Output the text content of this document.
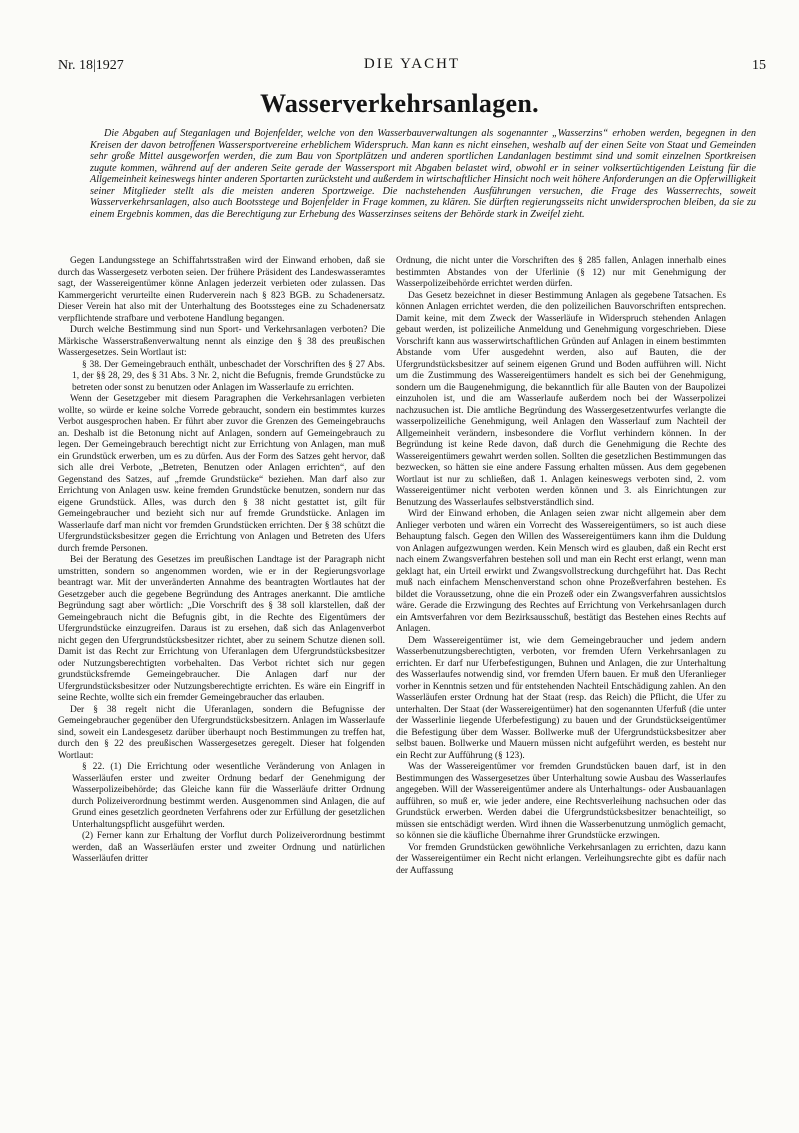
Nr. 18|1927	DIE YACHT	15
Wasserverkehrsanlagen.
Die Abgaben auf Steganlagen und Bojenfelder, welche von den Wasserbauverwaltungen als sogenannter „Wasserzins“ erhoben werden, begegnen in den Kreisen der davon betroffenen Wassersportvereine erheblichem Widerspruch. Man kann es nicht einsehen, weshalb auf der einen Seite von Staat und Gemeinden sehr große Mittel ausgeworfen werden, die zum Bau von Sportplätzen und anderen sportlichen Landanlagen bestimmt sind und somit einzelnen Sportkreisen zugute kommen, während auf der anderen Seite gerade der Wassersport mit Abgaben belastet wird, obwohl er in seiner volksertüchtigenden Leistung für die Allgemeinheit keineswegs hinter anderen Sportarten zurücksteht und außerdem in wirtschaftlicher Hinsicht noch weit höhere Anforderungen an die Opferwilligkeit seiner Mitglieder stellt als die meisten anderen Sportzweige. Die nachstehenden Ausführungen versuchen, die Frage des Wasserrechts, soweit Wasserverkehrsanlagen, also auch Bootsstege und Bojenfelder in Frage kommen, zu klären. Sie dürften regierungsseits nicht unwidersprochen bleiben, da sie zu einem Ergebnis kommen, das die Berechtigung zur Erhebung des Wasserzinses seitens der Behörde stark in Zweifel zieht.

Gegen Landungsstege an Schiffahrtsstraßen wird der Einwand erhoben, daß sie durch das Wassergesetz verboten seien. Der frühere Präsident des Landeswasseramtes sagt, der Wassereigentümer könne Anlagen jederzeit verbieten oder zulassen. Das Kammergericht verurteilte einen Ruderverein nach § 823 BGB. zu Schadenersatz. Dieser Verein hat also mit der Unterhaltung des Bootssteges eine zu Schadenersatz verpflichtende strafbare und verbotene Handlung begangen.

Durch welche Bestimmung sind nun Sport- und Verkehrsanlagen verboten? Die Märkische Wasserstraßenverwaltung nennt als einzige den § 38 des preußischen Wassergesetzes. Sein Wortlaut ist:

§ 38. Der Gemeingebrauch enthält, unbeschadet der Vorschriften des § 27 Abs. 1, der §§ 28, 29, des § 31 Abs. 3 Nr. 2, nicht die Befugnis, fremde Grundstücke zu betreten oder sonst zu benutzen oder Anlagen im Wasserlaufe zu errichten.

Wenn der Gesetzgeber mit diesem Paragraphen die Verkehrsanlagen verbieten wollte, so würde er keine solche Vorrede gebraucht, sondern ein bestimmtes kurzes Verbot ausgesprochen haben. Er führt aber zuvor die Grenzen des Gemeingebrauchs an. Deshalb ist die Betonung nicht auf Anlagen, sondern auf Gemeingebrauch zu legen. Der Gemeingebrauch berechtigt nicht zur Errichtung von Anlagen, man muß ein Grundstück erwerben, um es zu dürfen. Aus der Form des Satzes geht hervor, daß sich alle drei Verbote, „Betreten, Benutzen oder Anlagen errichten“, auf den Gegenstand des Satzes, auf „fremde Grundstücke“ beziehen. Man darf also zur Errichtung von Anlagen usw. keine fremden Grundstücke benutzen, sondern nur das eigene Grundstück. Alles, was durch den § 38 nicht gestattet ist, gilt für Gemeingebraucher und bezieht sich nur auf fremde Grundstücke. Anlagen im Wasserlaufe darf man nicht vor fremden Grundstücken errichten. Der § 38 schützt die Ufergrundstücksbesitzer gegen die Errichtung von Anlagen und Betreten des Ufers durch fremde Personen.

Bei der Beratung des Gesetzes im preußischen Landtage ist der Paragraph nicht umstritten, sondern so angenommen worden, wie er in der Regierungsvorlage beantragt war. Mit der unveränderten Annahme des beantragten Wortlautes hat der Gesetzgeber auch die gegebene Begründung des Antrages anerkannt. Die amtliche Begründung sagt aber wörtlich: „Die Vorschrift des § 38 soll klarstellen, daß der Gemeingebrauch nicht die Befugnis gibt, in die Rechte des Eigentümers der Ufergrundstücke einzugreifen. Daraus ist zu ersehen, daß sich das Anlagenverbot nicht gegen den Ufergrundstücksbesitzer richtet, aber zu seinem Schutze dienen soll. Damit ist das Recht zur Errichtung von Uferanlagen dem Ufergrundstücksbesitzer oder Nutzungsberechtigten vorbehalten. Das Verbot richtet sich nur gegen grundstücksfremde Gemeingebraucher. Die Anlagen darf nur der Ufergrundstücksbesitzer oder Nutzungsberechtigte errichten. Es wäre ein Eingriff in seine Rechte, wollte sich ein fremder Gemeingebraucher das erlauben.

Der § 38 regelt nicht die Uferanlagen, sondern die Befugnisse der Gemeingebraucher gegenüber den Ufergrundstücksbesitzern. Anlagen im Wasserlaufe sind, soweit ein Landesgesetz darüber überhaupt noch Bestimmungen zu treffen hat, durch den § 22 des preußischen Wassergesetzes geregelt. Dieser hat folgenden Wortlaut:

§ 22. (1) Die Errichtung oder wesentliche Veränderung von Anlagen in Wasserläufen erster und zweiter Ordnung bedarf der Genehmigung der Wasserpolizeibehörde; das Gleiche kann für die Wasserläufe dritter Ordnung durch Polizeiverordnung bestimmt werden. Ausgenommen sind Anlagen, die auf Grund eines gesetzlich geordneten Verfahrens oder zur Erfüllung der gesetzlichen Unterhaltungspflicht ausgeführt werden.

(2) Ferner kann zur Erhaltung der Vorflut durch Polizeiverordnung bestimmt werden, daß an Wasserläufen erster und zweiter Ordnung und natürlichen Wasserläufen dritter

Ordnung, die nicht unter die Vorschriften des § 285 fallen, Anlagen innerhalb eines bestimmten Abstandes von der Uferlinie (§ 12) nur mit Genehmigung der Wasserpolizeibehörde errichtet werden dürfen.

Das Gesetz bezeichnet in dieser Bestimmung Anlagen als gegebene Tatsachen. Es können Anlagen errichtet werden, die den polizeilichen Bauvorschriften entsprechen. Damit keine, mit dem Zweck der Wasserläufe in Widerspruch stehenden Anlagen gebaut werden, ist polizeiliche Anmeldung und Genehmigung vorgeschrieben. Diese Vorschrift kann aus wasserwirtschaftlichen Gründen auf Anlagen in einem bestimmten Abstande vom Ufer ausgedehnt werden, also auf Bauten, die der Ufergrundstücksbesitzer auf seinem eigenen Grund und Boden aufführen will. Nicht um die Zustimmung des Wassereigentümers handelt es sich bei der Genehmigung, sondern um die Baugenehmigung, die bekanntlich für alle Bauten von der Baupolizei einzuholen ist, und die am Wasserlaufe außerdem noch bei der Wasserpolizei nachzusuchen ist. Die amtliche Begründung des Wassergesetzentwurfes verlangte die wasserpolizeiliche Genehmigung, weil Anlagen den Wasserlauf zum Nachteil der Allgemeinheit verändern, insbesondere die Vorflut verhindern können. In der Begründung ist keine Rede davon, daß durch die Genehmigung die Rechte des Wassereigentümers gewahrt werden sollen. Sollten die gesetzlichen Bestimmungen das bezwecken, so hätten sie eine andere Fassung erhalten müssen. Aus dem gegebenen Wortlaut ist nur zu schließen, daß 1. Anlagen keineswegs verboten sind, 2. vom Wassereigentümer nicht verboten werden können und 3. als Einrichtungen zur Benutzung des Wasserlaufes selbstverständlich sind.

Wird der Einwand erhoben, die Anlagen seien zwar nicht allgemein aber dem Anlieger verboten und wären ein Vorrecht des Wassereigentümers, so ist auch diese Behauptung falsch. Gegen den Willen des Wassereigentümers kann ihm die Duldung von Anlagen aufgezwungen werden. Kein Mensch wird es glauben, daß ein Recht erst nach einem Zwangsverfahren bestehen soll und man ein Recht erst erlangt, wenn man geklagt hat, ein Urteil erwirkt und Zwangsvollstreckung durchgeführt hat. Das Recht muß nach einfachem Menschenverstand schon ohne Prozeßverfahren bestehen. Es bildet die Voraussetzung, ohne die ein Prozeß oder ein Zwangsverfahren aussichtslos wäre. Gerade die Erzwingung des Rechtes auf Errichtung von Verkehrsanlagen durch ein Amtsverfahren vor dem Bezirksausschuß, bestätigt das Bestehen eines Rechts auf Anlagen.

Dem Wassereigentümer ist, wie dem Gemeingebraucher und jedem andern Wasserbenutzungsberechtigten, verboten, vor fremden Ufern Verkehrsanlagen zu errichten. Er darf nur Uferbefestigungen, Buhnen und Anlagen, die zur Unterhaltung des Wasserlaufes notwendig sind, vor fremden Ufern bauen. Er muß den Uferanlieger vorher in Kenntnis setzen und für entstehenden Nachteil Entschädigung zahlen. An den Wasserläufen erster Ordnung hat der Staat (resp. das Reich) die Pflicht, die Ufer zu unterhalten. Der Staat (der Wassereigentümer) hat den sogenannten Uferfuß (die unter der Wasserlinie liegende Uferbefestigung) zu bauen und der Grundstückseigentümer die Befestigung über dem Wasser. Bollwerke muß der Ufergrundstücksbesitzer aber selbst bauen. Bollwerke und Mauern müssen nicht aufgeführt werden, es besteht nur ein Recht zur Aufführung (§ 123).

Was der Wassereigentümer vor fremden Grundstücken bauen darf, ist in den Bestimmungen des Wassergesetzes über Unterhaltung sowie Ausbau des Wasserlaufes angegeben. Will der Wassereigentümer andere als Unterhaltungs- oder Ausbauanlagen aufführen, so muß er, wie jeder andere, eine Rechtsverleihung nachsuchen oder das Grundstück erwerben. Werden dabei die Ufergrundstücksbesitzer benachteiligt, so müssen sie entschädigt werden. Wird ihnen die Wasserbenutzung unmöglich gemacht, so können sie die käufliche Übernahme ihrer Grundstücke erzwingen.

Vor fremden Grundstücken gewöhnliche Verkehrsanlagen zu errichten, dazu kann der Wassereigentümer ein Recht nicht erlangen. Verleihungsrechte gibt es dafür nach der Auffassung
